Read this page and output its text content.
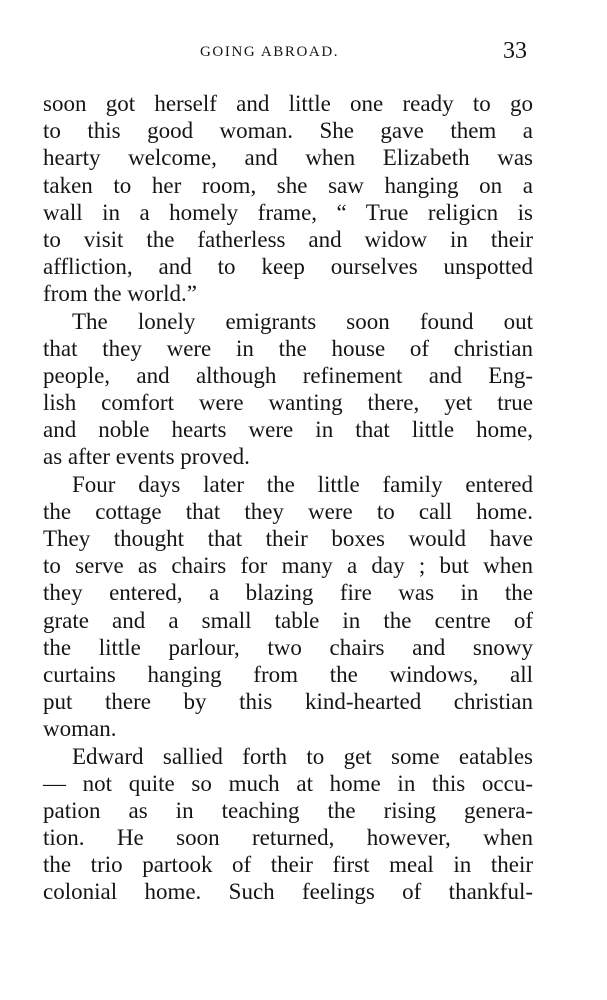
GOING ABROAD.	33
soon got herself and little one ready to go
to this good woman. She gave them a
hearty welcome, and when Elizabeth was
taken to her room, she saw hanging on a
wall in a homely frame, “ True religicn is
to visit the fatherless and widow in their
affliction, and to keep ourselves unspotted
from the world.”
The lonely emigrants soon found out
that they were in the house of christian
people, and although refinement and Eng-
lish comfort were wanting there, yet true
and noble hearts were in that little home,
as after events proved.
Four days later the little family entered
the cottage that they were to call home.
They thought that their boxes would have
to serve as chairs for many a day ; but when
they entered, a blazing fire was in the
grate and a small table in the centre of
the little parlour, two chairs and snowy
curtains hanging from the windows, all
put there by this kind-hearted christian
woman.
Edward sallied forth to get some eatables
— not quite so much at home in this occu-
pation as in teaching the rising genera-
tion. He soon returned, however, when
the trio partook of their first meal in their
colonial home. Such feelings of thankful-
